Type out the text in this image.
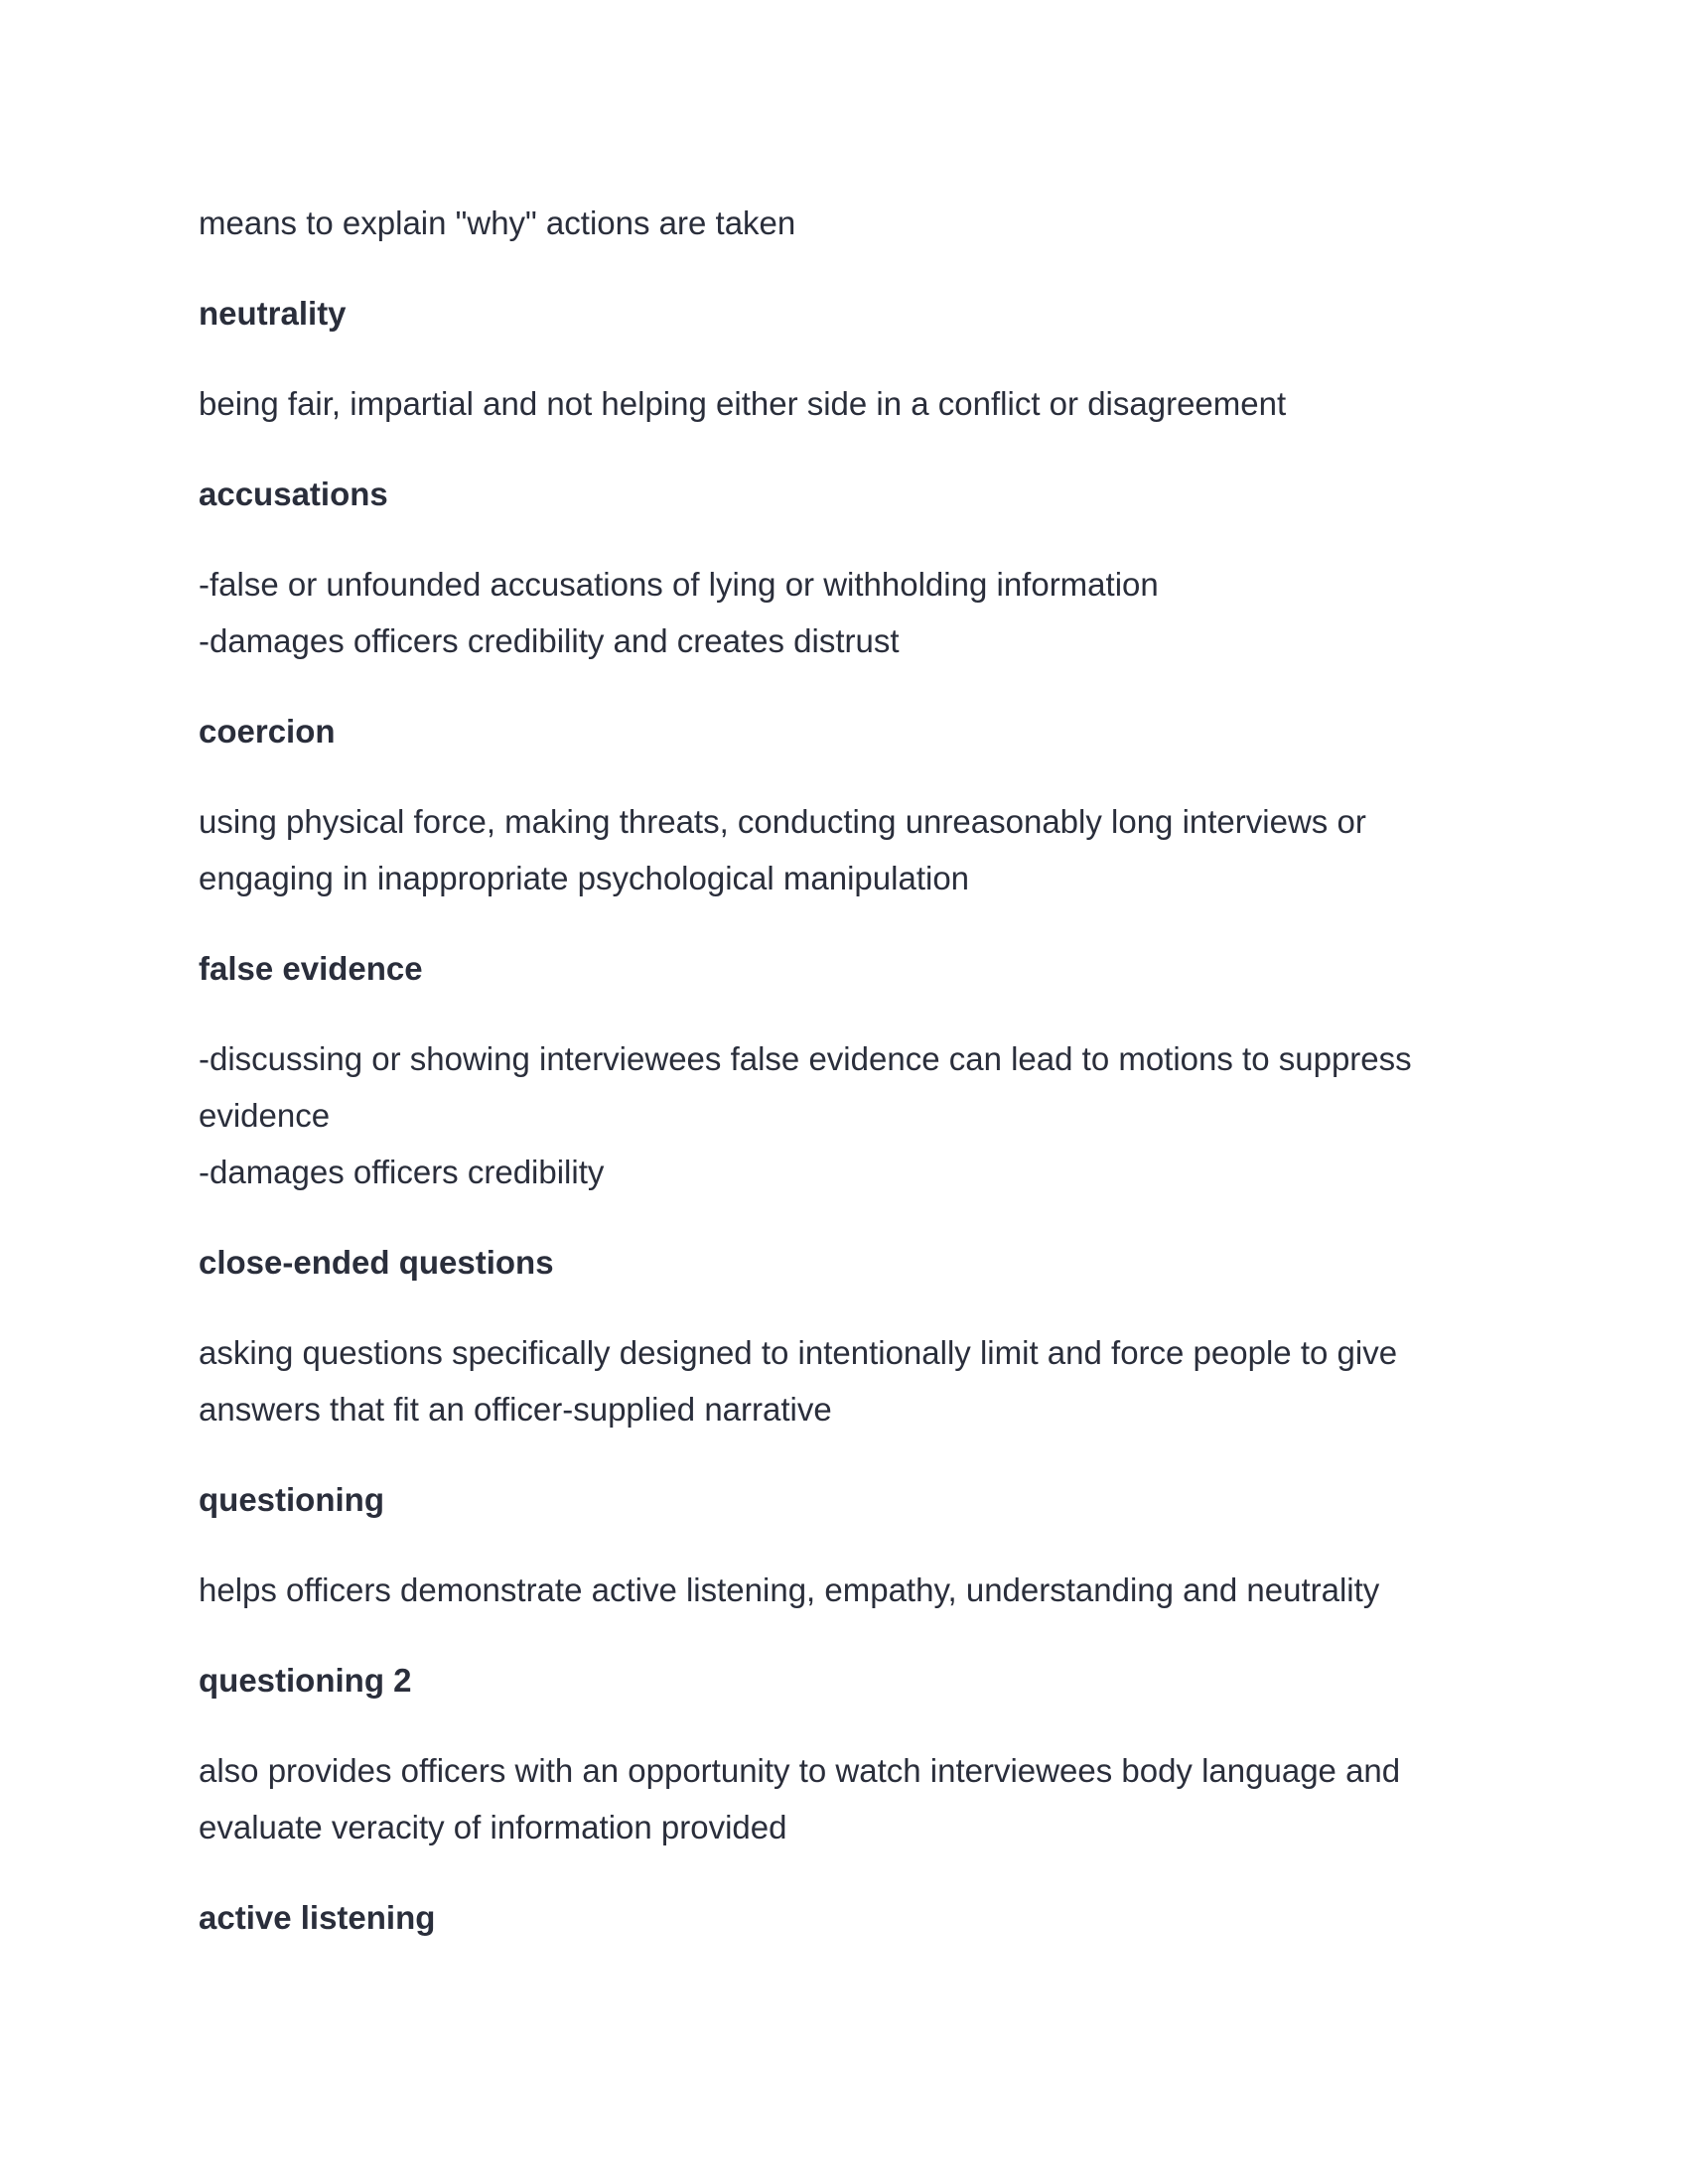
means to explain "why" actions are taken
neutrality
being fair, impartial and not helping either side in a conflict or disagreement
accusations
-false or unfounded accusations of lying or withholding information
-damages officers credibility and creates distrust
coercion
using physical force, making threats, conducting unreasonably long interviews or
engaging in inappropriate psychological manipulation
false evidence
-discussing or showing interviewees false evidence can lead to motions to suppress
evidence
-damages officers credibility
close-ended questions
asking questions specifically designed to intentionally limit and force people to give
answers that fit an officer-supplied narrative
questioning
helps officers demonstrate active listening, empathy, understanding and neutrality
questioning 2
also provides officers with an opportunity to watch interviewees body language and
evaluate veracity of information provided
active listening
